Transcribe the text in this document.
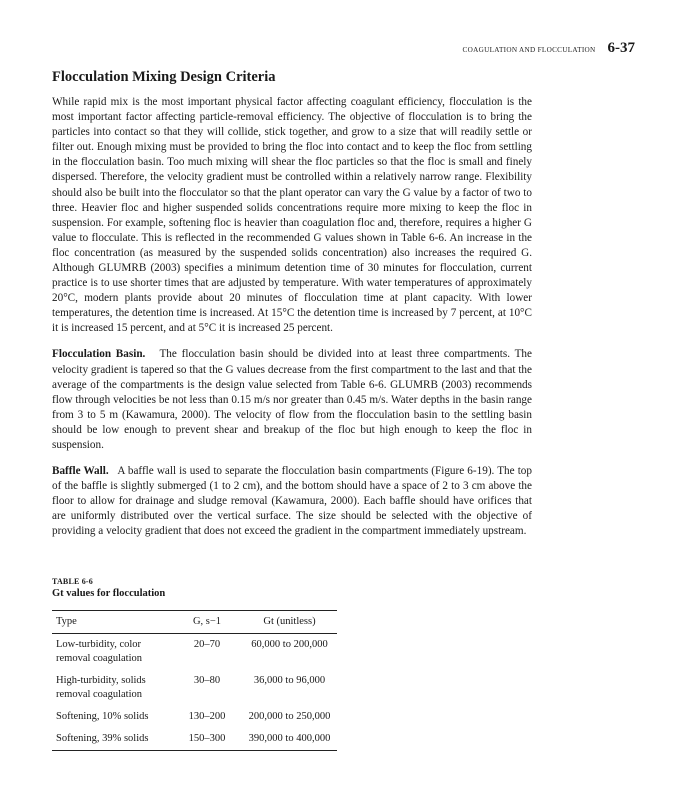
COAGULATION AND FLOCCULATION 6-37
Flocculation Mixing Design Criteria

While rapid mix is the most important physical factor affecting coagulant efficiency, flocculation is the most important factor affecting particle-removal efficiency. The objective of flocculation is to bring the particles into contact so that they will collide, stick together, and grow to a size that will readily settle or filter out. Enough mixing must be provided to bring the floc into contact and to keep the floc from settling in the flocculation basin. Too much mixing will shear the floc particles so that the floc is small and finely dispersed. Therefore, the velocity gradient must be controlled within a relatively narrow range. Flexibility should also be built into the flocculator so that the plant operator can vary the G value by a factor of two to three. Heavier floc and higher suspended solids concentrations require more mixing to keep the floc in suspension. For example, softening floc is heavier than coagulation floc and, therefore, requires a higher G value to flocculate. This is reflected in the recommended G values shown in Table 6-6. An increase in the floc concentration (as measured by the suspended solids concentration) also increases the required G. Although GLUMRB (2003) specifies a minimum detention time of 30 minutes for flocculation, current practice is to use shorter times that are adjusted by temperature. With water temperatures of approximately 20°C, modern plants provide about 20 minutes of flocculation time at plant capacity. With lower temperatures, the detention time is increased. At 15°C the detention time is increased by 7 percent, at 10°C it is increased 15 percent, and at 5°C it is increased 25 percent.

Flocculation Basin. The flocculation basin should be divided into at least three compartments. The velocity gradient is tapered so that the G values decrease from the first compartment to the last and that the average of the compartments is the design value selected from Table 6-6. GLUMRB (2003) recommends flow through velocities be not less than 0.15 m/s nor greater than 0.45 m/s. Water depths in the basin range from 3 to 5 m (Kawamura, 2000). The velocity of flow from the flocculation basin to the settling basin should be low enough to prevent shear and breakup of the floc but high enough to keep the floc in suspension.

Baffle Wall. A baffle wall is used to separate the flocculation basin compartments (Figure 6-19). The top of the baffle is slightly submerged (1 to 2 cm), and the bottom should have a space of 2 to 3 cm above the floor to allow for drainage and sludge removal (Kawamura, 2000). Each baffle should have orifices that are uniformly distributed over the vertical surface. The size should be selected with the objective of providing a velocity gradient that does not exceed the gradient in the compartment immediately upstream.

TABLE 6-6
Gt values for flocculation
Type	G, s−1	Gt (unitless)
Low-turbidity, color removal coagulation	20–70	60,000 to 200,000
High-turbidity, solids removal coagulation	30–80	36,000 to 96,000
Softening, 10% solids	130–200	200,000 to 250,000
Softening, 39% solids	150–300	390,000 to 400,000
